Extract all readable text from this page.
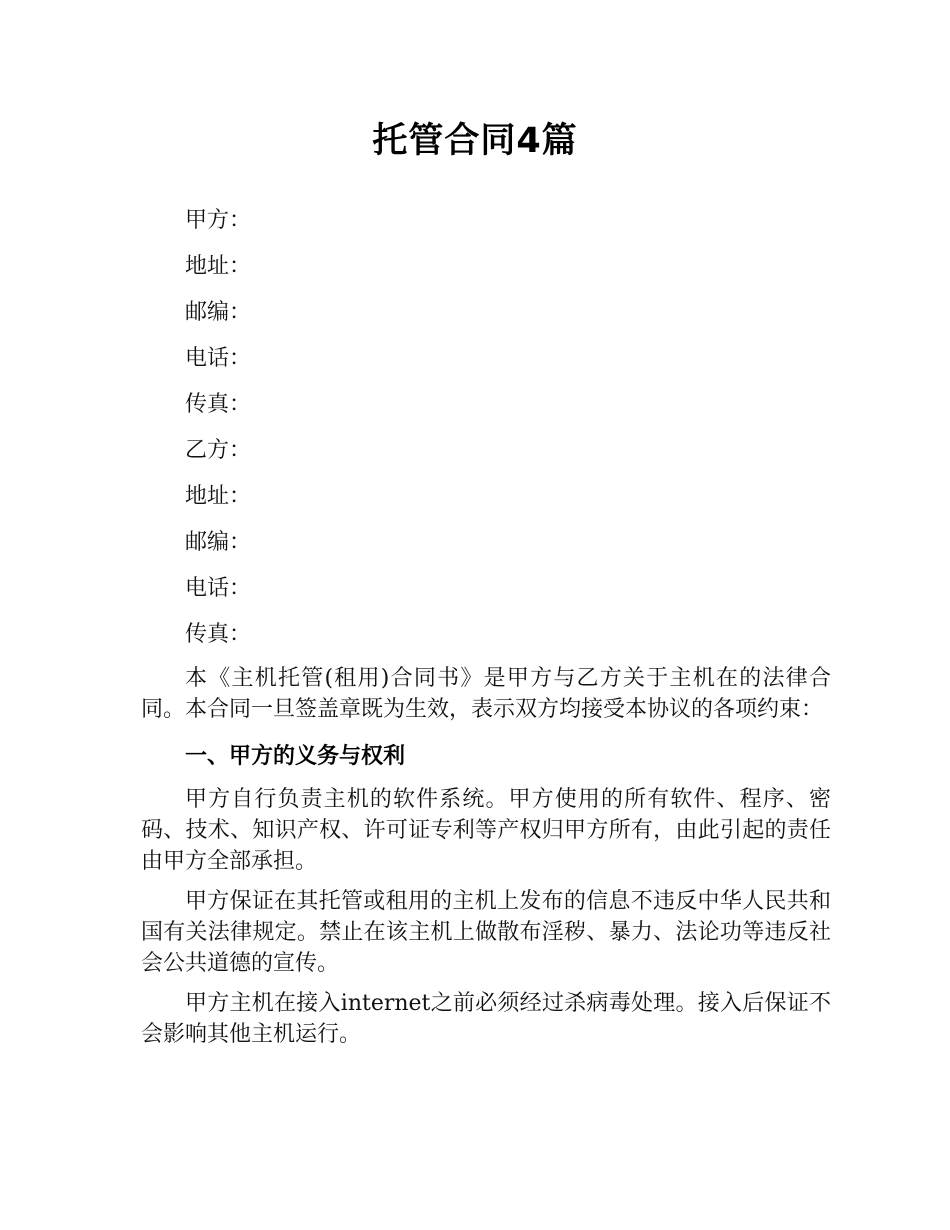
托管合同4篇
甲方：
地址：
邮编：
电话：
传真：
乙方：
地址：
邮编：
电话：
传真：

本《主机托管(租用)合同书》是甲方与乙方关于主机在的法律合同。本合同一旦签盖章既为生效，表示双方均接受本协议的各项约束：

一、甲方的义务与权利

甲方自行负责主机的软件系统。甲方使用的所有软件、程序、密码、技术、知识产权、许可证专利等产权归甲方所有，由此引起的责任由甲方全部承担。

甲方保证在其托管或租用的主机上发布的信息不违反中华人民共和国有关法律规定。禁止在该主机上做散布淫秽、暴力、法论功等违反社会公共道德的宣传。

甲方主机在接入internet之前必须经过杀病毒处理。接入后保证不会影响其他主机运行。
